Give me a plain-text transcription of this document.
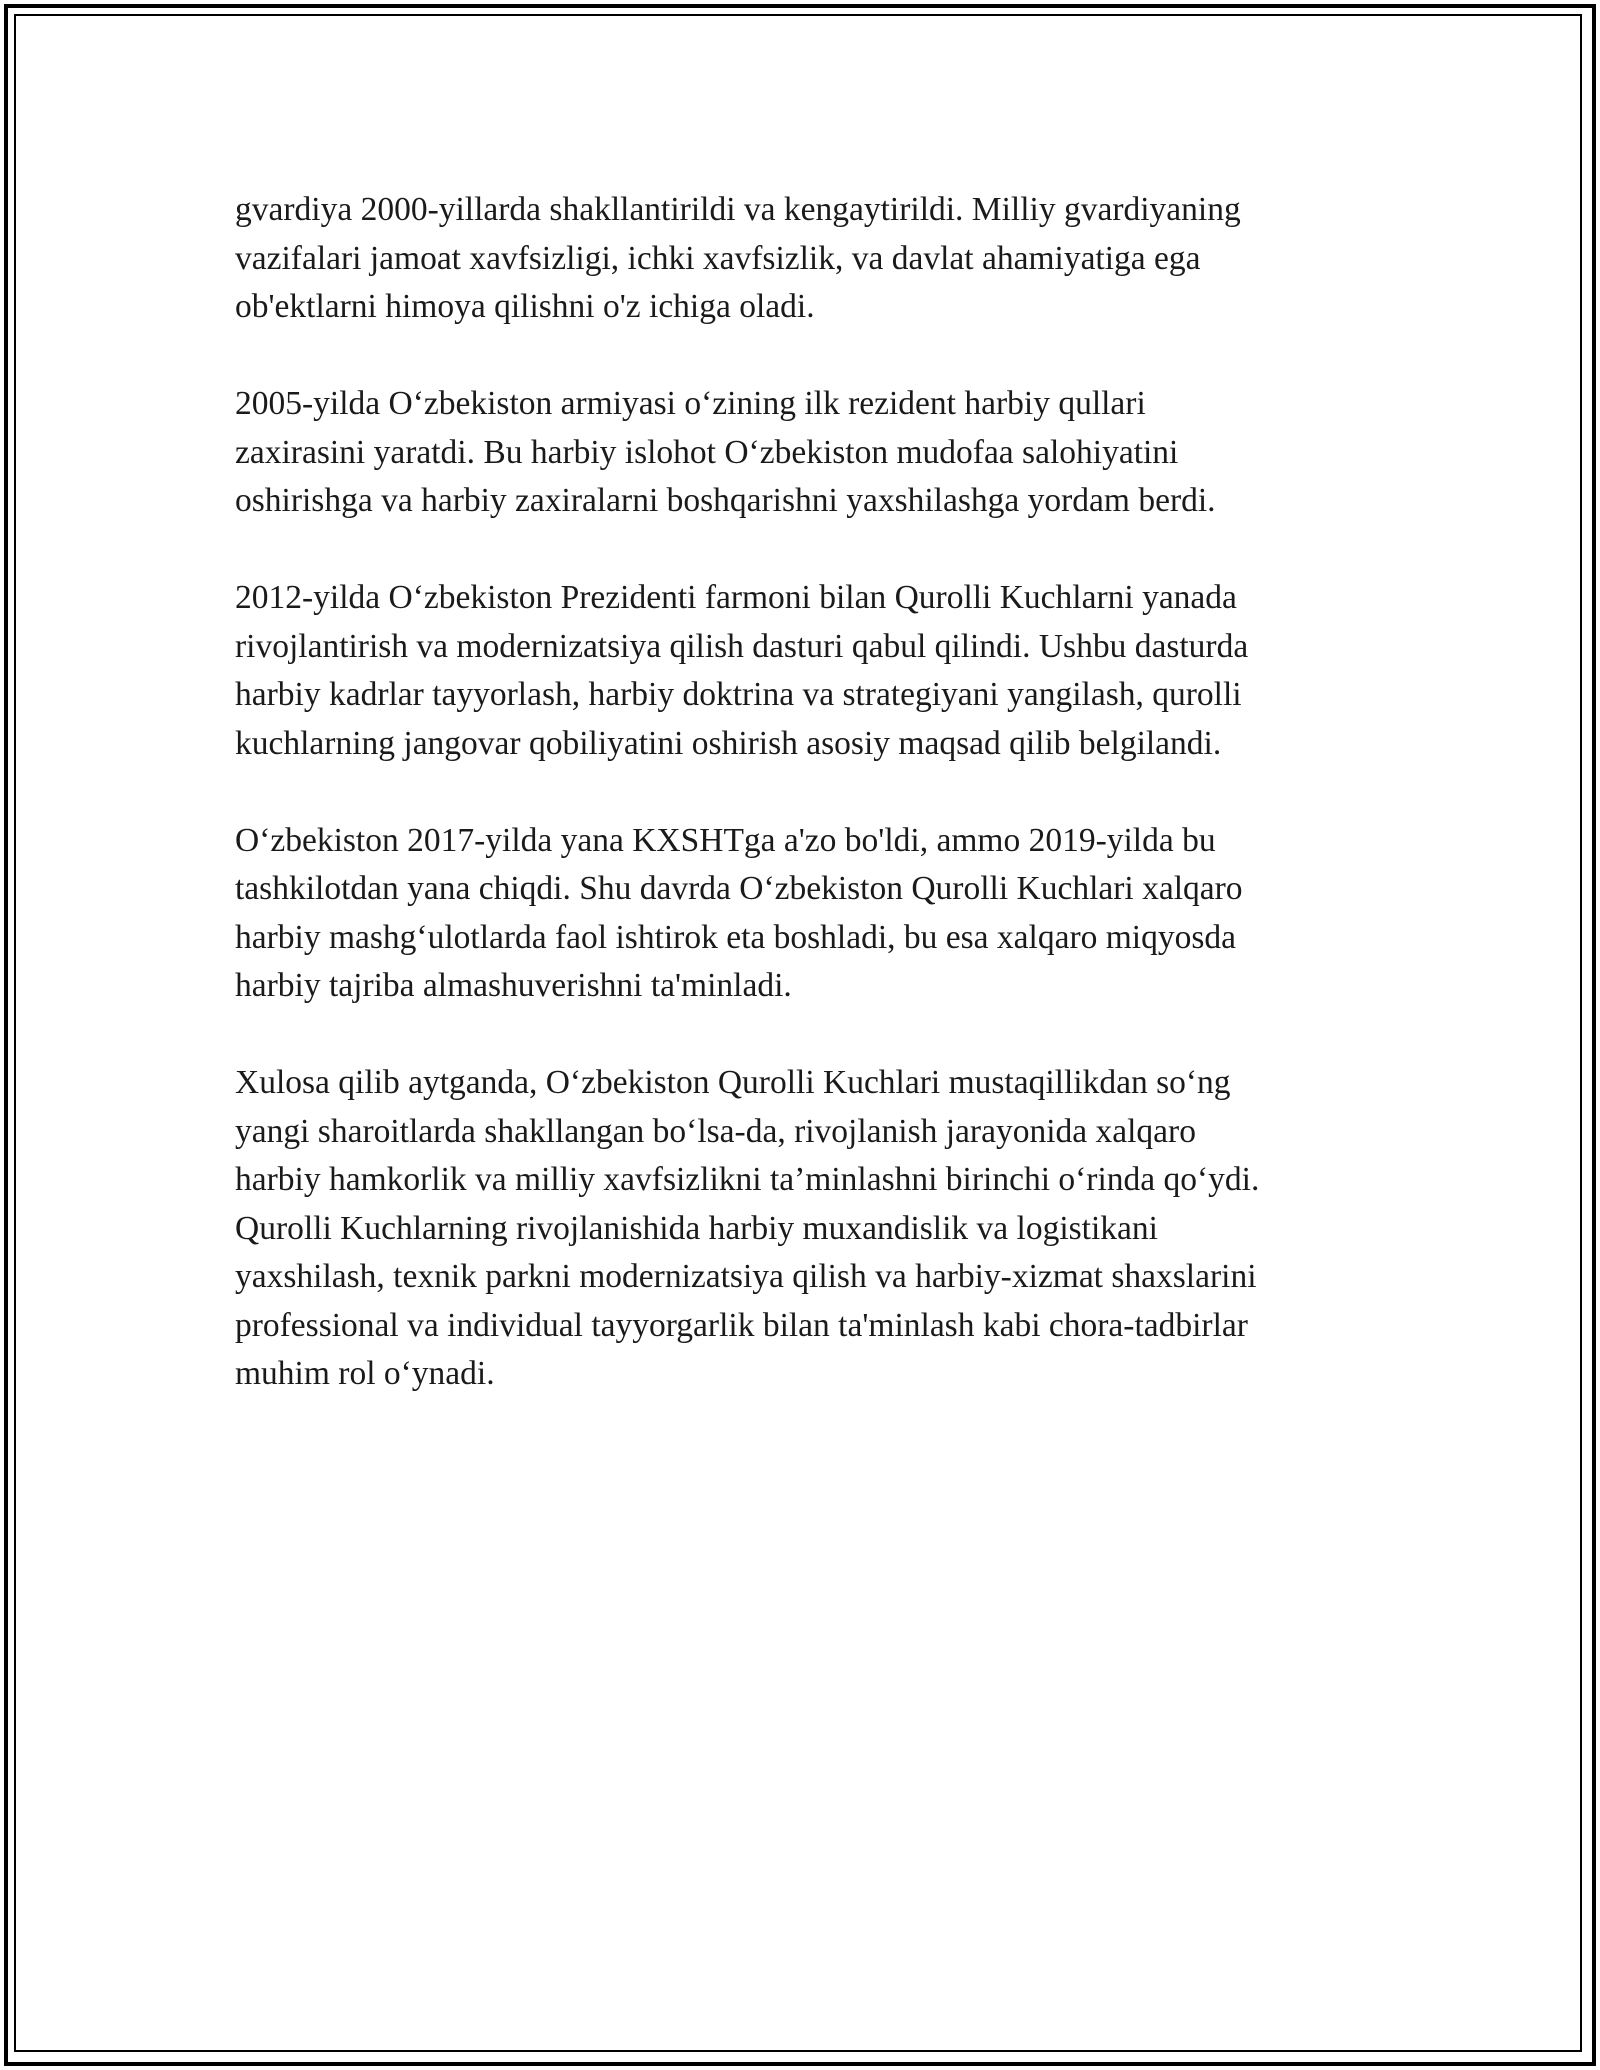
gvardiya 2000-yillarda shakllantirildi va kengaytirildi. Milliy gvardiyaning
vazifalari jamoat xavfsizligi, ichki xavfsizlik, va davlat ahamiyatiga ega
ob'ektlarni himoya qilishni o'z ichiga oladi.

2005-yilda O‘zbekiston armiyasi o‘zining ilk rezident harbiy qullari
zaxirasini yaratdi. Bu harbiy islohot O‘zbekiston mudofaa salohiyatini
oshirishga va harbiy zaxiralarni boshqarishni yaxshilashga yordam berdi.

2012-yilda O‘zbekiston Prezidenti farmoni bilan Qurolli Kuchlarni yanada
rivojlantirish va modernizatsiya qilish dasturi qabul qilindi. Ushbu dasturda
harbiy kadrlar tayyorlash, harbiy doktrina va strategiyani yangilash, qurolli
kuchlarning jangovar qobiliyatini oshirish asosiy maqsad qilib belgilandi.

O‘zbekiston 2017-yilda yana KXSHTga a'zo bo'ldi, ammo 2019-yilda bu
tashkilotdan yana chiqdi. Shu davrda O‘zbekiston Qurolli Kuchlari xalqaro
harbiy mashg‘ulotlarda faol ishtirok eta boshladi, bu esa xalqaro miqyosda
harbiy tajriba almashuverishni ta'minladi.

Xulosa qilib aytganda, O‘zbekiston Qurolli Kuchlari mustaqillikdan so‘ng
yangi sharoitlarda shakllangan bo‘lsa-da, rivojlanish jarayonida xalqaro
harbiy hamkorlik va milliy xavfsizlikni ta’minlashni birinchi o‘rinda qo‘ydi.
Qurolli Kuchlarning rivojlanishida harbiy muxandislik va logistikani
yaxshilash, texnik parkni modernizatsiya qilish va harbiy-xizmat shaxslarini
professional va individual tayyorgarlik bilan ta'minlash kabi chora-tadbirlar
muhim rol o‘ynadi.
